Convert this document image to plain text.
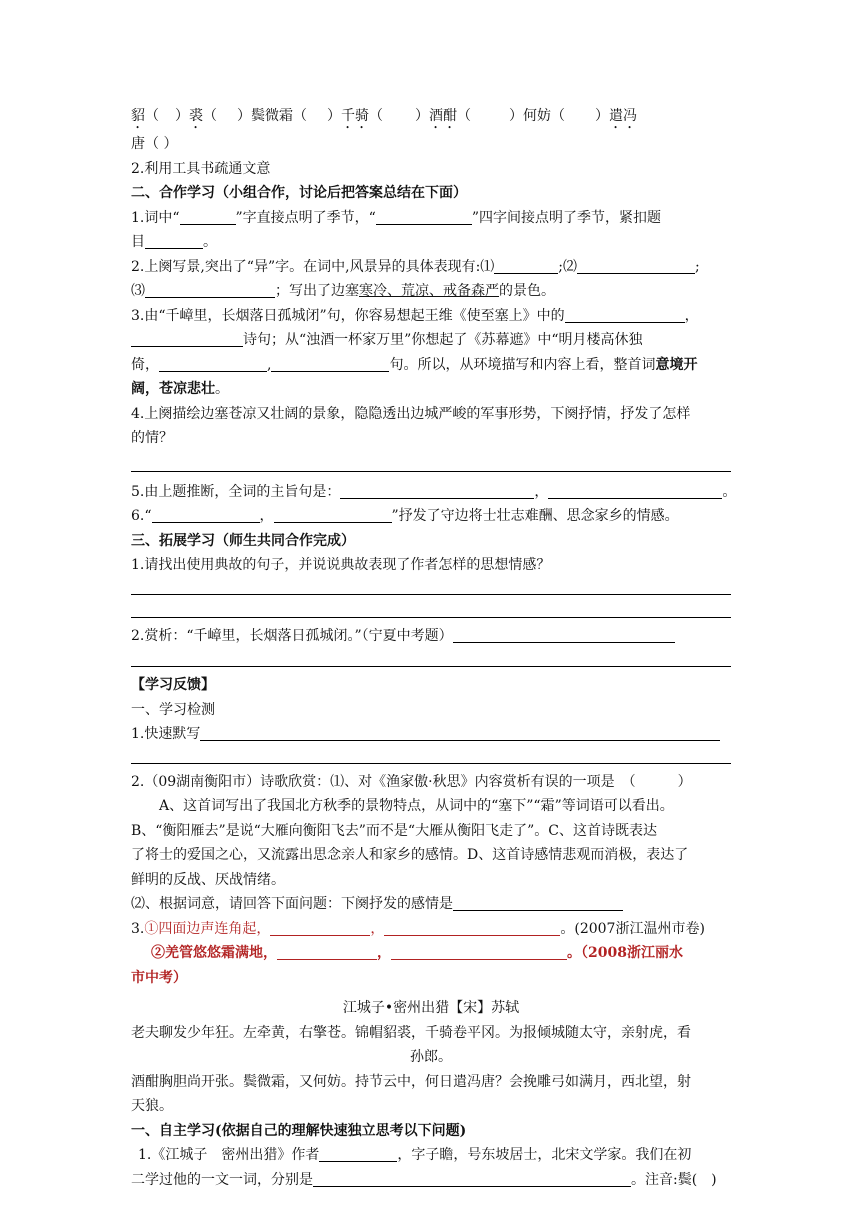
貂（ ）裘（ ）鬓微霜（ ）千骑（ ）酒酣（	）何妨（ ）遣冯
唐（ ）
2.利用工具书疏通文意
二、合作学习（小组合作，讨论后把答案总结在下面）
1.词中“	”字直接点明了季节，“	”四字间接点明了季节，紧扣题
目	。
2.上阕写景,突出了“异”字。在词中,风景异的具体表现有:⑴	;⑵	;
⑶	；写出了边塞寒冷、荒凉、戒备森严的景色。
3.由“千嶂里，长烟落日孤城闭”句，你容易想起王维《使至塞上》中的	，
诗句；从“浊酒一杯家万里”你想起了《苏幕遮》中“明月楼高休独
倚，	,	句。所以，从环境描写和内容上看，整首词意境开
阔，苍凉悲壮。
4.上阕描绘边塞苍凉又壮阔的景象，隐隐透出边城严峻的军事形势，下阕抒情，抒发了怎样
的情？
5.由上题推断，全词的主旨句是：	，	。
6.“	，	”抒发了守边将士壮志难酬、思念家乡的情感。
三、拓展学习（师生共同合作完成）
1.请找出使用典故的句子，并说说典故表现了作者怎样的思想情感？
2.赏析：“千嶂里，长烟落日孤城闭。”（宁夏中考题）
【学习反馈】
一、学习检测
1.快速默写
2.（09湖南衡阳市）诗歌欣赏：⑴、对《渔家傲·秋思》内容赏析有误的一项是　（　　　）
A、这首词写出了我国北方秋季的景物特点，从词中的“塞下”“霜”等词语可以看出。
B、“衡阳雁去”是说“大雁向衡阳飞去”而不是“大雁从衡阳飞走了”。C、这首诗既表达
了将士的爱国之心，又流露出思念亲人和家乡的感情。D、这首诗感情悲观而消极，表达了
鲜明的反战、厌战情绪。
⑵、根据词意，请回答下面问题：下阕抒发的感情是
3.①四面边声连角起，	，	。(2007浙江温州市卷)
②羌管悠悠霜满地，	，	。（2008浙江丽水
市中考）
江城子•密州出猎【宋】苏轼
老夫聊发少年狂。左牵黄，右擎苍。锦帽貂裘，千骑卷平冈。为报倾城随太守，亲射虎，看
孙郎。
酒酣胸胆尚开张。鬓微霜，又何妨。持节云中，何日遣冯唐？会挽雕弓如满月，西北望，射
天狼。
一、自主学习(依据自己的理解快速独立思考以下问题)
1.《江城子　密州出猎》作者	，字子瞻，号东坡居士，北宋文学家。我们在初
二学过他的一文一词，分别是	。注音:鬓(　)
